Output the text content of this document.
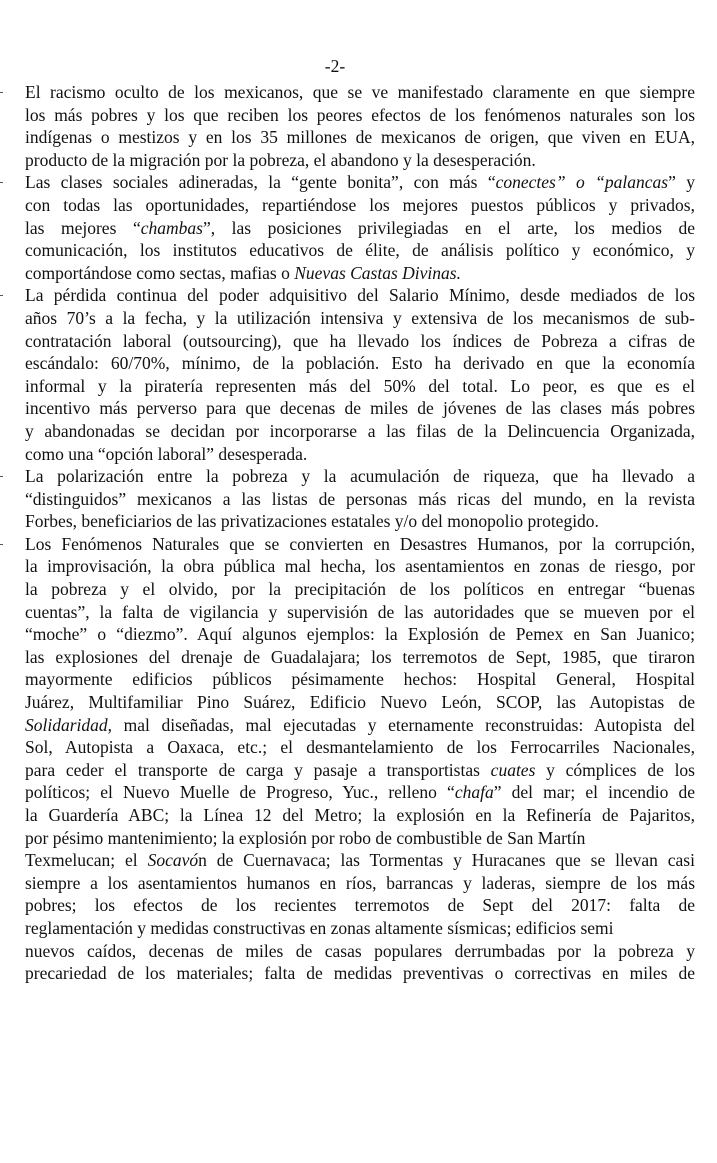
-2-
El racismo oculto de los mexicanos, que se ve manifestado claramente en que siempre
los más pobres y los que reciben los peores efectos de los fenómenos naturales son los
indígenas o mestizos y en los 35 millones de mexicanos de origen, que viven en EUA,
producto de la migración por la pobreza, el abandono y la desesperación.
Las clases sociales adineradas, la “gente bonita”, con más “conectes” o “palancas” y
con todas las oportunidades, repartiéndose los mejores puestos públicos y privados,
las mejores “chambas”, las posiciones privilegiadas en el arte, los medios de
comunicación, los institutos educativos de élite, de análisis político y económico, y
comportándose como sectas, mafias o Nuevas Castas Divinas.
La pérdida continua del poder adquisitivo del Salario Mínimo, desde mediados de los
años 70’s a la fecha, y la utilización intensiva y extensiva de los mecanismos de sub-
contratación laboral (outsourcing), que ha llevado los índices de Pobreza a cifras de
escándalo: 60/70%, mínimo, de la población. Esto ha derivado en que la economía
informal y la piratería representen más del 50% del total. Lo peor, es que es el
incentivo más perverso para que decenas de miles de jóvenes de las clases más pobres
y abandonadas se decidan por incorporarse a las filas de la Delincuencia Organizada,
como una “opción laboral” desesperada.
La polarización entre la pobreza y la acumulación de riqueza, que ha llevado a
“distinguidos” mexicanos a las listas de personas más ricas del mundo, en la revista
Forbes, beneficiarios de las privatizaciones estatales y/o del monopolio protegido.
Los Fenómenos Naturales que se convierten en Desastres Humanos, por la corrupción,
la improvisación, la obra pública mal hecha, los asentamientos en zonas de riesgo, por
la pobreza y el olvido, por la precipitación de los políticos en entregar “buenas
cuentas”, la falta de vigilancia y supervisión de las autoridades que se mueven por el
“moche” o “diezmo”. Aquí algunos ejemplos: la Explosión de Pemex en San Juanico;
las explosiones del drenaje de Guadalajara; los terremotos de Sept, 1985, que tiraron
mayormente edificios públicos pésimamente hechos: Hospital General, Hospital
Juárez, Multifamiliar Pino Suárez, Edificio Nuevo León, SCOP, las Autopistas de
Solidaridad, mal diseñadas, mal ejecutadas y eternamente reconstruidas: Autopista del
Sol, Autopista a Oaxaca, etc.; el desmantelamiento de los Ferrocarriles Nacionales,
para ceder el transporte de carga y pasaje a transportistas cuates y cómplices de los
políticos; el Nuevo Muelle de Progreso, Yuc., relleno “chafa” del mar; el incendio de
la Guardería ABC; la Línea 12 del Metro; la explosión en la Refinería de Pajaritos,
por pésimo mantenimiento; la explosión por robo de combustible de San Martín
Texmelucan; el Socavón de Cuernavaca; las Tormentas y Huracanes que se llevan casi
siempre a los asentamientos humanos en ríos, barrancas y laderas, siempre de los más
pobres; los efectos de los recientes terremotos de Sept del 2017: falta de
reglamentación y medidas constructivas en zonas altamente sísmicas; edificios semi
nuevos caídos, decenas de miles de casas populares derrumbadas por la pobreza y
precariedad de los materiales; falta de medidas preventivas o correctivas en miles de
